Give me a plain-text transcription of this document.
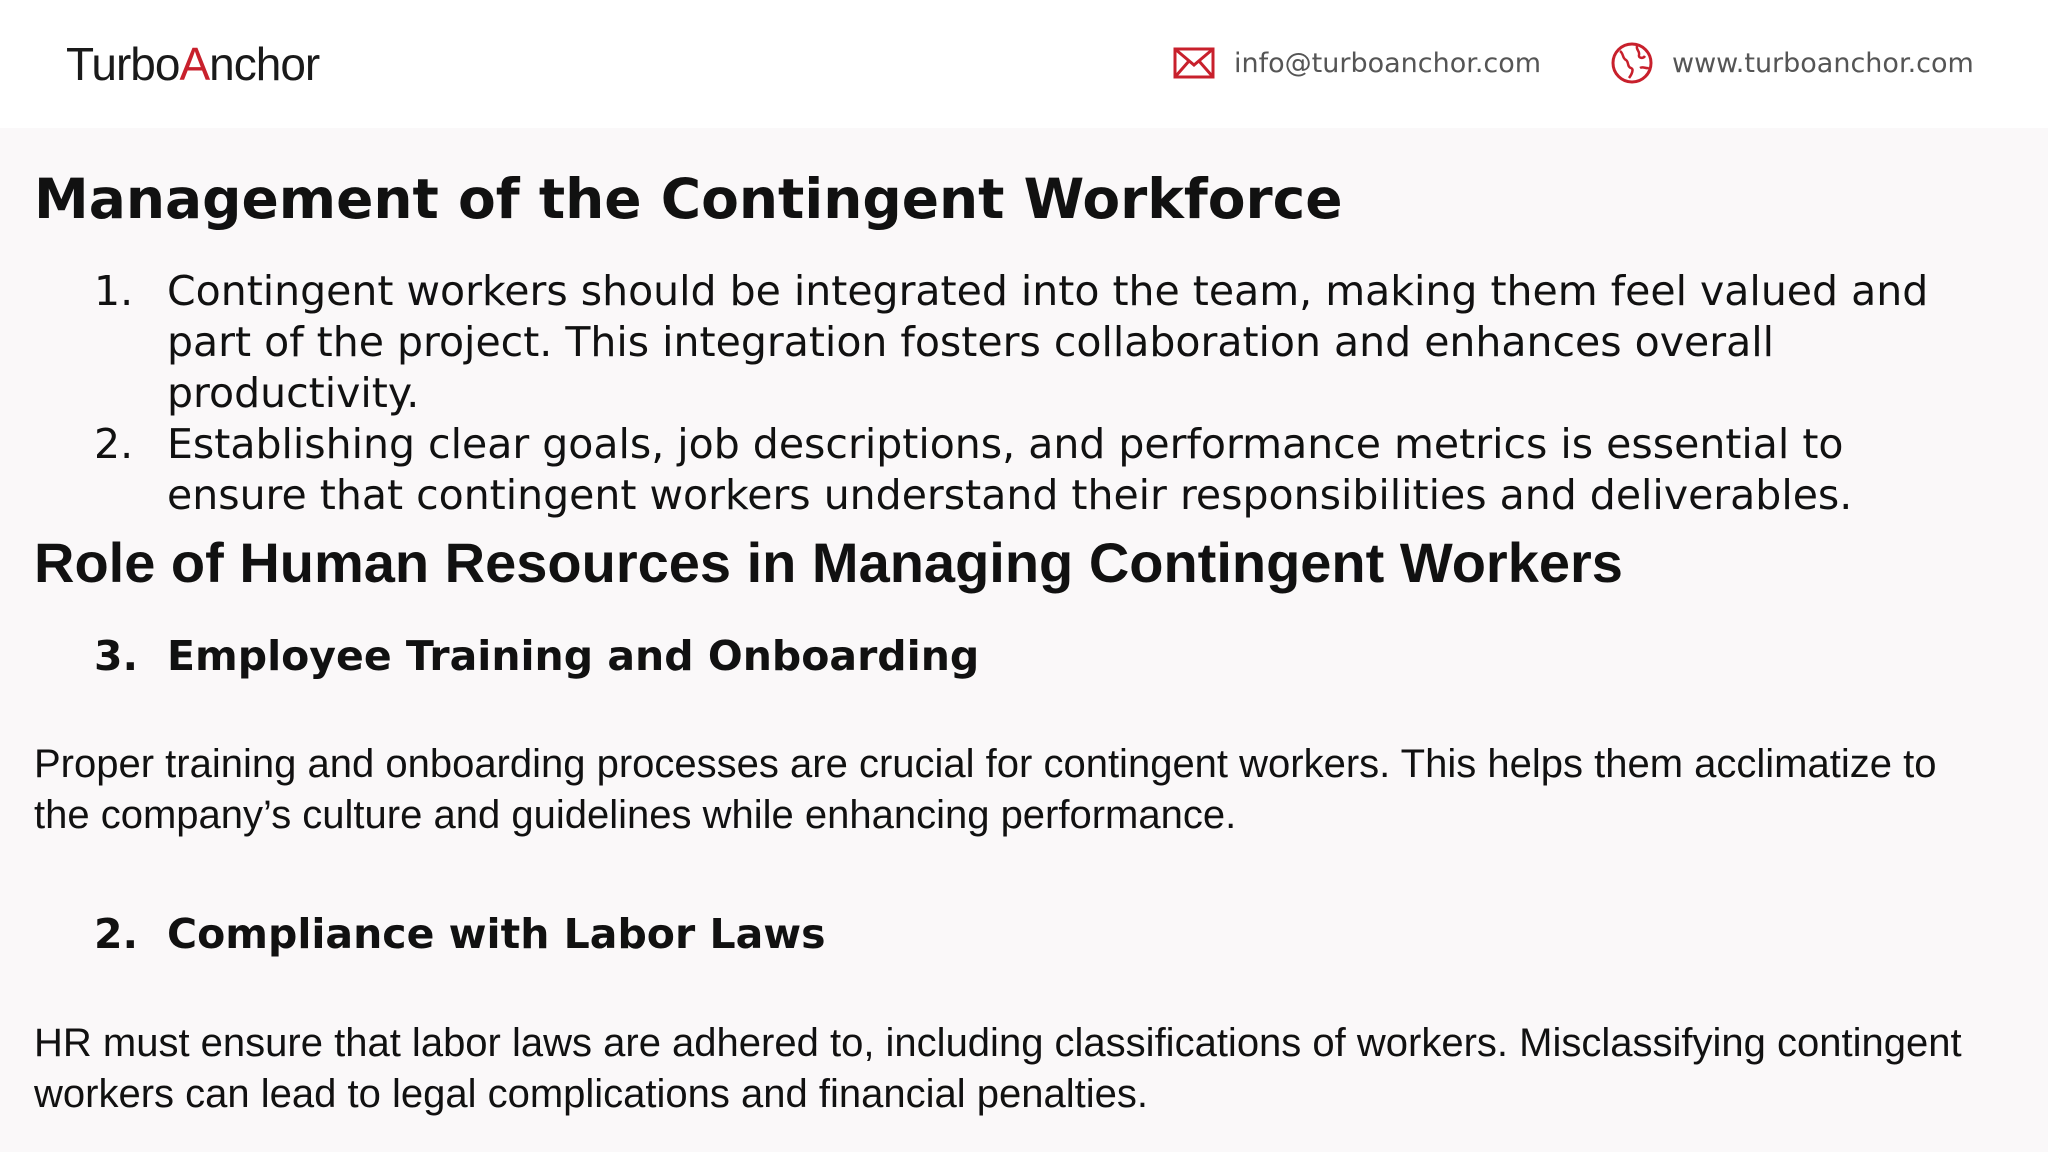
TurboAnchor	info@turboanchor.com	www.turboanchor.com
Management of the Contingent Workforce
1. Contingent workers should be integrated into the team, making them feel valued and part of the project. This integration fosters collaboration and enhances overall productivity.
2. Establishing clear goals, job descriptions, and performance metrics is essential to ensure that contingent workers understand their responsibilities and deliverables.
Role of Human Resources in Managing Contingent Workers
3. Employee Training and Onboarding

Proper training and onboarding processes are crucial for contingent workers. This helps them acclimatize to the company’s culture and guidelines while enhancing performance.

2. Compliance with Labor Laws

HR must ensure that labor laws are adhered to, including classifications of workers. Misclassifying contingent workers can lead to legal complications and financial penalties.
